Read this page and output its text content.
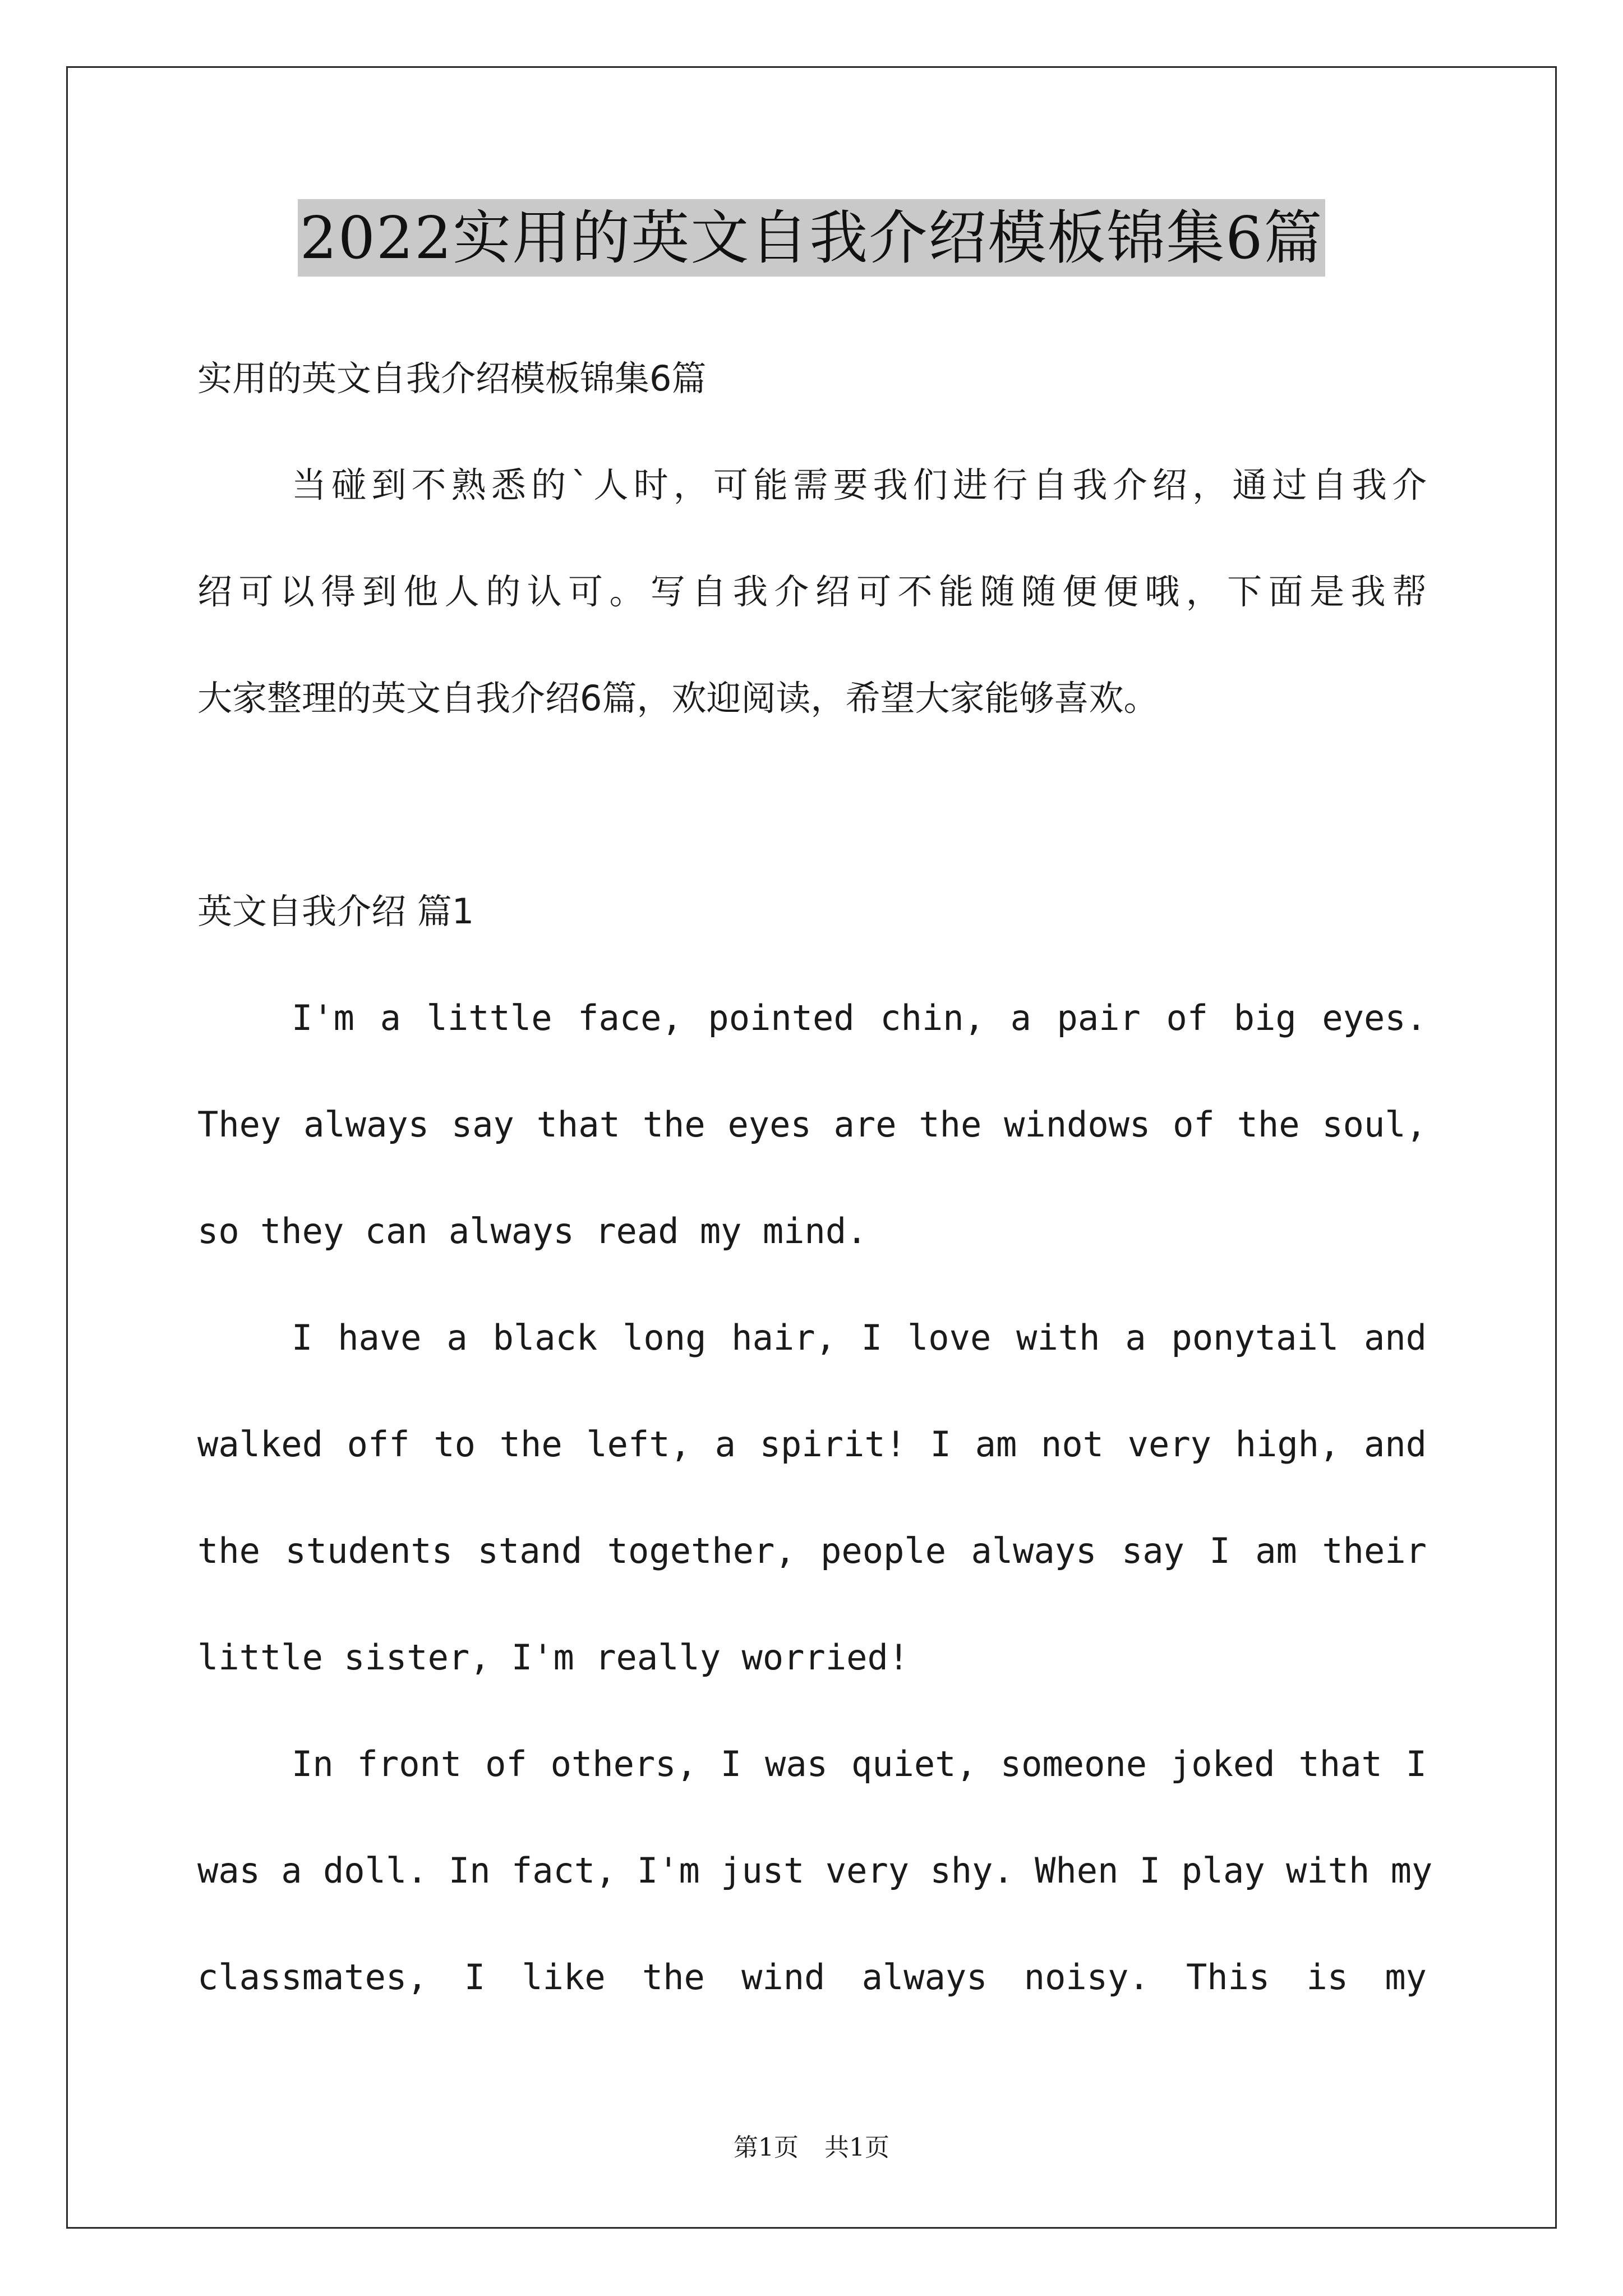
2022实用的英文自我介绍模板锦集6篇
实用的英文自我介绍模板锦集6篇
当碰到不熟悉的`人时，可能需要我们进行自我介绍，通过自我介
绍可以得到他人的认可。写自我介绍可不能随随便便哦，下面是我帮
大家整理的英文自我介绍6篇，欢迎阅读，希望大家能够喜欢。
英文自我介绍 篇1
I'm a little face, pointed chin, a pair of big eyes.
They always say that the eyes are the windows of the soul,
so they can always read my mind.
I have a black long hair, I love with a ponytail and
walked off to the left, a spirit! I am not very high, and
the students stand together, people always say I am their
little sister, I'm really worried!
In front of others, I was quiet, someone joked that I
was a doll. In fact, I'm just very shy. When I play with my
classmates, I like the wind always noisy. This is my
第1页 共1页
